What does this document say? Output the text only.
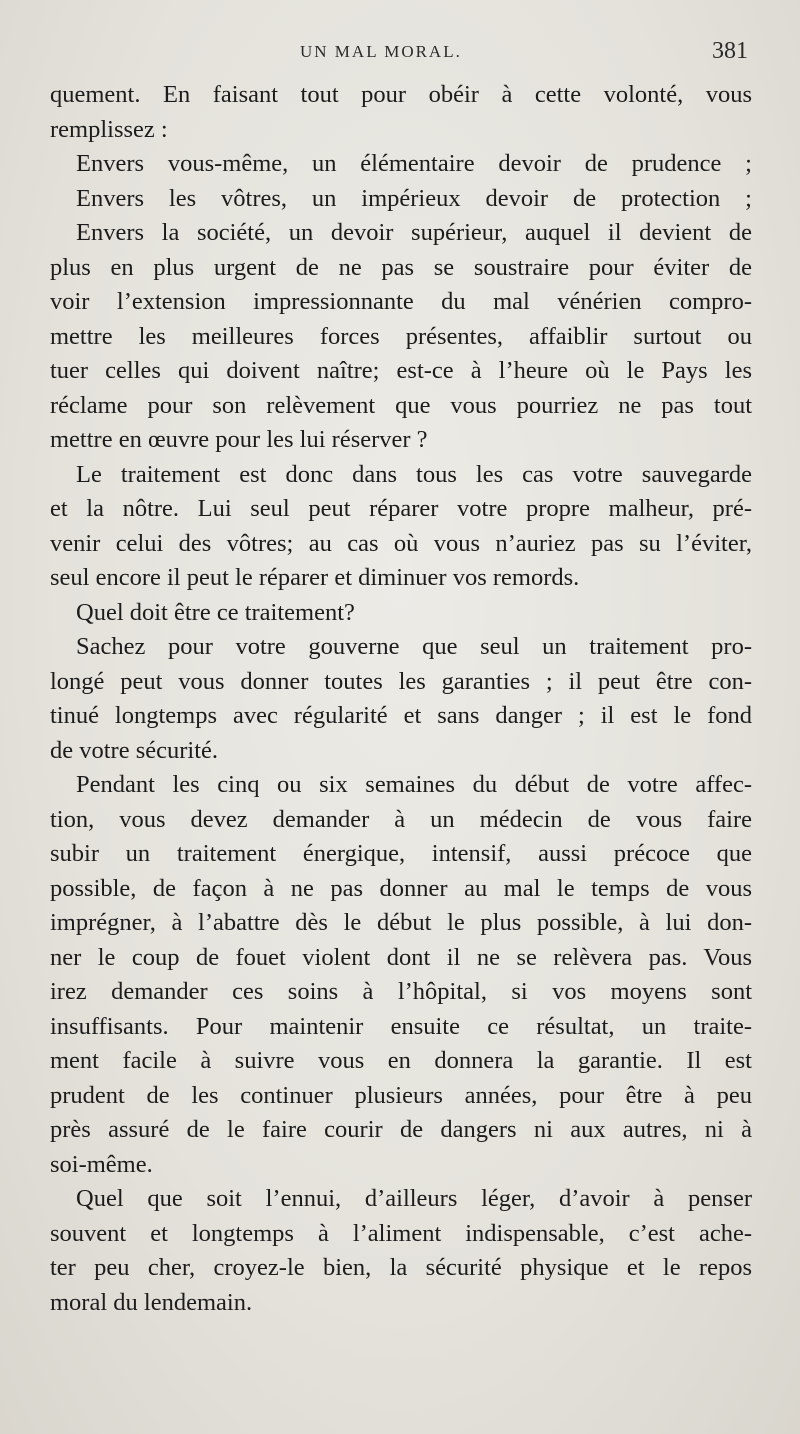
UN MAL MORAL.	381
quement. En faisant tout pour obéir à cette volonté, vous
remplissez :
Envers vous-même, un élémentaire devoir de prudence ;
Envers les vôtres, un impérieux devoir de protection ;
Envers la société, un devoir supérieur, auquel il devient de
plus en plus urgent de ne pas se soustraire pour éviter de
voir l’extension impressionnante du mal vénérien compro-
mettre les meilleures forces présentes, affaiblir surtout ou
tuer celles qui doivent naître; est-ce à l’heure où le Pays les
réclame pour son relèvement que vous pourriez ne pas tout
mettre en œuvre pour les lui réserver ?
Le traitement est donc dans tous les cas votre sauvegarde
et la nôtre. Lui seul peut réparer votre propre malheur, pré-
venir celui des vôtres; au cas où vous n’auriez pas su l’éviter,
seul encore il peut le réparer et diminuer vos remords.
Quel doit être ce traitement?
Sachez pour votre gouverne que seul un traitement pro-
longé peut vous donner toutes les garanties ; il peut être con-
tinué longtemps avec régularité et sans danger ; il est le fond
de votre sécurité.
Pendant les cinq ou six semaines du début de votre affec-
tion, vous devez demander à un médecin de vous faire
subir un traitement énergique, intensif, aussi précoce que
possible, de façon à ne pas donner au mal le temps de vous
imprégner, à l’abattre dès le début le plus possible, à lui don-
ner le coup de fouet violent dont il ne se relèvera pas. Vous
irez demander ces soins à l’hôpital, si vos moyens sont
insuffisants. Pour maintenir ensuite ce résultat, un traite-
ment facile à suivre vous en donnera la garantie. Il est
prudent de les continuer plusieurs années, pour être à peu
près assuré de le faire courir de dangers ni aux autres, ni à
soi-même.
Quel que soit l’ennui, d’ailleurs léger, d’avoir à penser
souvent et longtemps à l’aliment indispensable, c’est ache-
ter peu cher, croyez-le bien, la sécurité physique et le repos
moral du lendemain.
